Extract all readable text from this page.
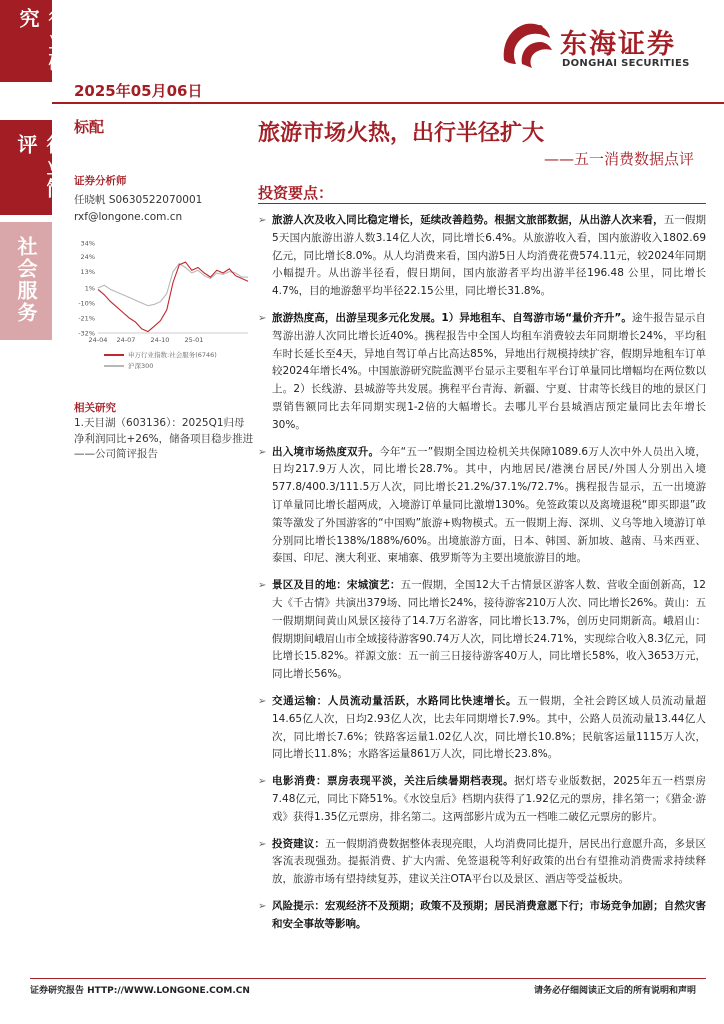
行业研究
行业简评
社会服务
2025年05月06日
东海证券
DONGHAI SECURITIES
标配
证券分析师
任晓帆 S0630522070001
rxf@longone.com.cn
34%
24%
13%
1%
-10%
-21%
-32%
24-04 24-07 24-10 25-01
申万行业指数:社会服务(6746)
沪深300
相关研究
1.天目湖（603136）：2025Q1归母净利润同比+26%，储备项目稳步推进——公司简评报告
旅游市场火热，出行半径扩大
——五一消费数据点评
投资要点：
➢ 旅游人次及收入同比稳定增长，延续改善趋势。根据文旅部数据，从出游人次来看，五一假期5天国内旅游出游人数3.14亿人次，同比增长6.4%。从旅游收入看，国内旅游收入1802.69亿元，同比增长8.0%。从人均消费来看，国内游5日人均消费花费574.11元，较2024年同期小幅提升。从出游半径看，假日期间，国内旅游者平均出游半径196.48 公里，同比增长4.7%，目的地游憩平均半径22.15公里，同比增长31.8%。
➢ 旅游热度高，出游呈现多元化发展。1）异地租车、自驾游市场“量价齐升”。途牛报告显示自驾游出游人次同比增长近40%。携程报告中全国人均租车消费较去年同期增长24%，平均租车时长延长至4天，异地自驾订单占比高达85%，异地出行规模持续扩容，假期异地租车订单较2024年增长4%。中国旅游研究院监测平台显示主要租车平台订单量同比增幅均在两位数以上。2）长线游、县城游等共发展。携程平台青海、新疆、宁夏、甘肃等长线目的地的景区门票销售额同比去年同期实现1-2倍的大幅增长。去哪儿平台县城酒店预定量同比去年增长30%。
➢ 出入境市场热度双升。今年“五一”假期全国边检机关共保障1089.6万人次中外人员出入境，日均217.9万人次，同比增长28.7%。其中，内地居民/港澳台居民/外国人分别出入境577.8/400.3/111.5万人次，同比增长21.2%/37.1%/72.7%。携程报告显示，五一出境游订单量同比增长超两成，入境游订单量同比激增130%。免签政策以及离境退税“即买即退”政策等激发了外国游客的“中国购”旅游+购物模式。五一假期上海、深圳、义乌等地入境游订单分别同比增长138%/188%/60%。出境旅游方面，日本、韩国、新加坡、越南、马来西亚、泰国、印尼、澳大利亚、柬埔寨、俄罗斯等为主要出境旅游目的地。
➢ 景区及目的地：宋城演艺：五一假期，全国12大千古情景区游客人数、营收全面创新高，12大《千古情》共演出379场、同比增长24%，接待游客210万人次、同比增长26%。黄山：五一假期期间黄山风景区接待了14.7万名游客，同比增长13.7%，创历史同期新高。峨眉山：假期期间峨眉山市全域接待游客90.74万人次，同比增长24.71%，实现综合收入8.3亿元，同比增长15.82%。祥源文旅：五一前三日接待游客40万人，同比增长58%，收入3653万元，同比增长56%。
➢ 交通运输：人员流动量活跃，水路同比快速增长。五一假期，全社会跨区域人员流动量超14.65亿人次，日均2.93亿人次，比去年同期增长7.9%。其中，公路人员流动量13.44亿人次，同比增长7.6%；铁路客运量1.02亿人次，同比增长10.8%；民航客运量1115万人次，同比增长11.8%；水路客运量861万人次，同比增长23.8%。
➢ 电影消费：票房表现平淡，关注后续暑期档表现。据灯塔专业版数据，2025年五一档票房7.48亿元，同比下降51%。《水饺皇后》档期内获得了1.92亿元的票房，排名第一；《猎金·游戏》获得1.35亿元票房，排名第二。这两部影片成为五一档唯二破亿元票房的影片。
➢ 投资建议：五一假期消费数据整体表现亮眼，人均消费同比提升，居民出行意愿升高，多景区客流表现强劲。提振消费、扩大内需、免签退税等利好政策的出台有望推动消费需求持续释放，旅游市场有望持续复苏，建议关注OTA平台以及景区、酒店等受益板块。
➢ 风险提示：宏观经济不及预期；政策不及预期；居民消费意愿下行；市场竞争加剧；自然灾害和安全事故等影响。
证券研究报告 HTTP://WWW.LONGONE.COM.CN	请务必仔细阅读正文后的所有说明和声明
